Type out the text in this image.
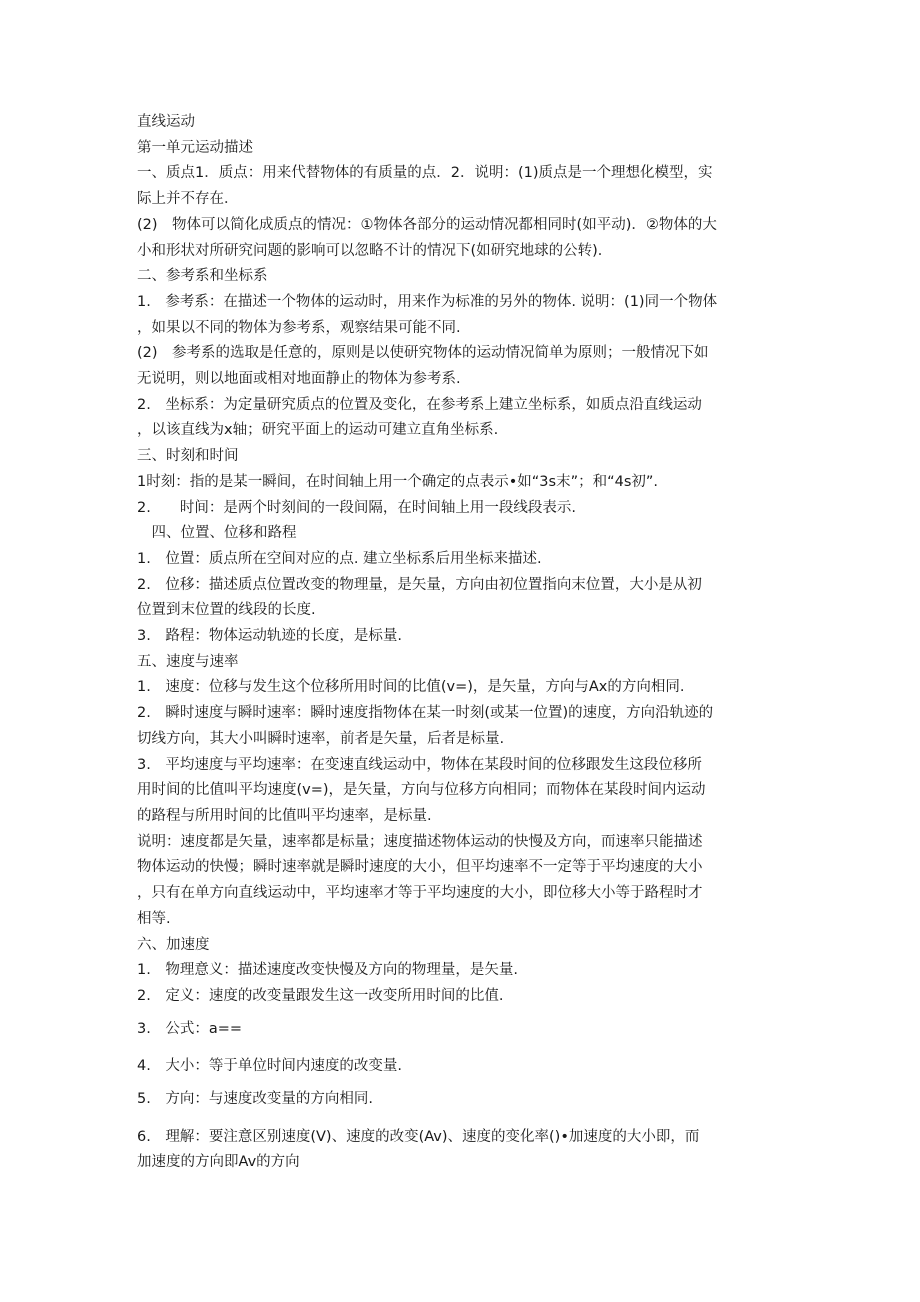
直线运动
第一单元运动描述
一、质点1．质点：用来代替物体的有质量的点．2．说明：(1)质点是一个理想化模型，实
际上并不存在．
(2)　物体可以简化成质点的情况：①物体各部分的运动情况都相同时(如平动)．②物体的大
小和形状对所研究问题的影响可以忽略不计的情况下(如研究地球的公转)．
二、参考系和坐标系
1.　参考系：在描述一个物体的运动时，用来作为标准的另外的物体. 说明：(1)同一个物体
，如果以不同的物体为参考系，观察结果可能不同.
(2)　参考系的选取是任意的，原则是以使研究物体的运动情况简单为原则；一般情况下如
无说明，则以地面或相对地面静止的物体为参考系.
2.　坐标系：为定量研究质点的位置及变化，在参考系上建立坐标系，如质点沿直线运动
，以该直线为x轴；研究平面上的运动可建立直角坐标系.
三、时刻和时间
1时刻：指的是某一瞬间，在时间轴上用一个确定的点表示•如“3s末”；和“4s初”.
2.　　时间：是两个时刻间的一段间隔，在时间轴上用一段线段表示.
　四、位置、位移和路程
1.　位置：质点所在空间对应的点. 建立坐标系后用坐标来描述.
2.　位移：描述质点位置改变的物理量，是矢量，方向由初位置指向末位置，大小是从初
位置到末位置的线段的长度.
3.　路程：物体运动轨迹的长度，是标量.
五、速度与速率
1.　速度：位移与发生这个位移所用时间的比值(v=)，是矢量，方向与Ax的方向相同.
2.　瞬时速度与瞬时速率：瞬时速度指物体在某一时刻(或某一位置)的速度，方向沿轨迹的
切线方向，其大小叫瞬时速率，前者是矢量，后者是标量.
3.　平均速度与平均速率：在变速直线运动中，物体在某段时间的位移跟发生这段位移所
用时间的比值叫平均速度(v=)，是矢量，方向与位移方向相同；而物体在某段时间内运动
的路程与所用时间的比值叫平均速率，是标量.
说明：速度都是矢量，速率都是标量；速度描述物体运动的快慢及方向，而速率只能描述
物体运动的快慢；瞬时速率就是瞬时速度的大小，但平均速率不一定等于平均速度的大小
，只有在单方向直线运动中，平均速率才等于平均速度的大小，即位移大小等于路程时才
相等.
六、加速度
1.　物理意义：描述速度改变快慢及方向的物理量，是矢量.
2.　定义：速度的改变量跟发生这一改变所用时间的比值.
3.　公式：a==
4.　大小：等于单位时间内速度的改变量.
5.　方向：与速度改变量的方向相同.
6.　理解：要注意区别速度(V)、速度的改变(Av)、速度的变化率()•加速度的大小即，而
加速度的方向即Av的方向
